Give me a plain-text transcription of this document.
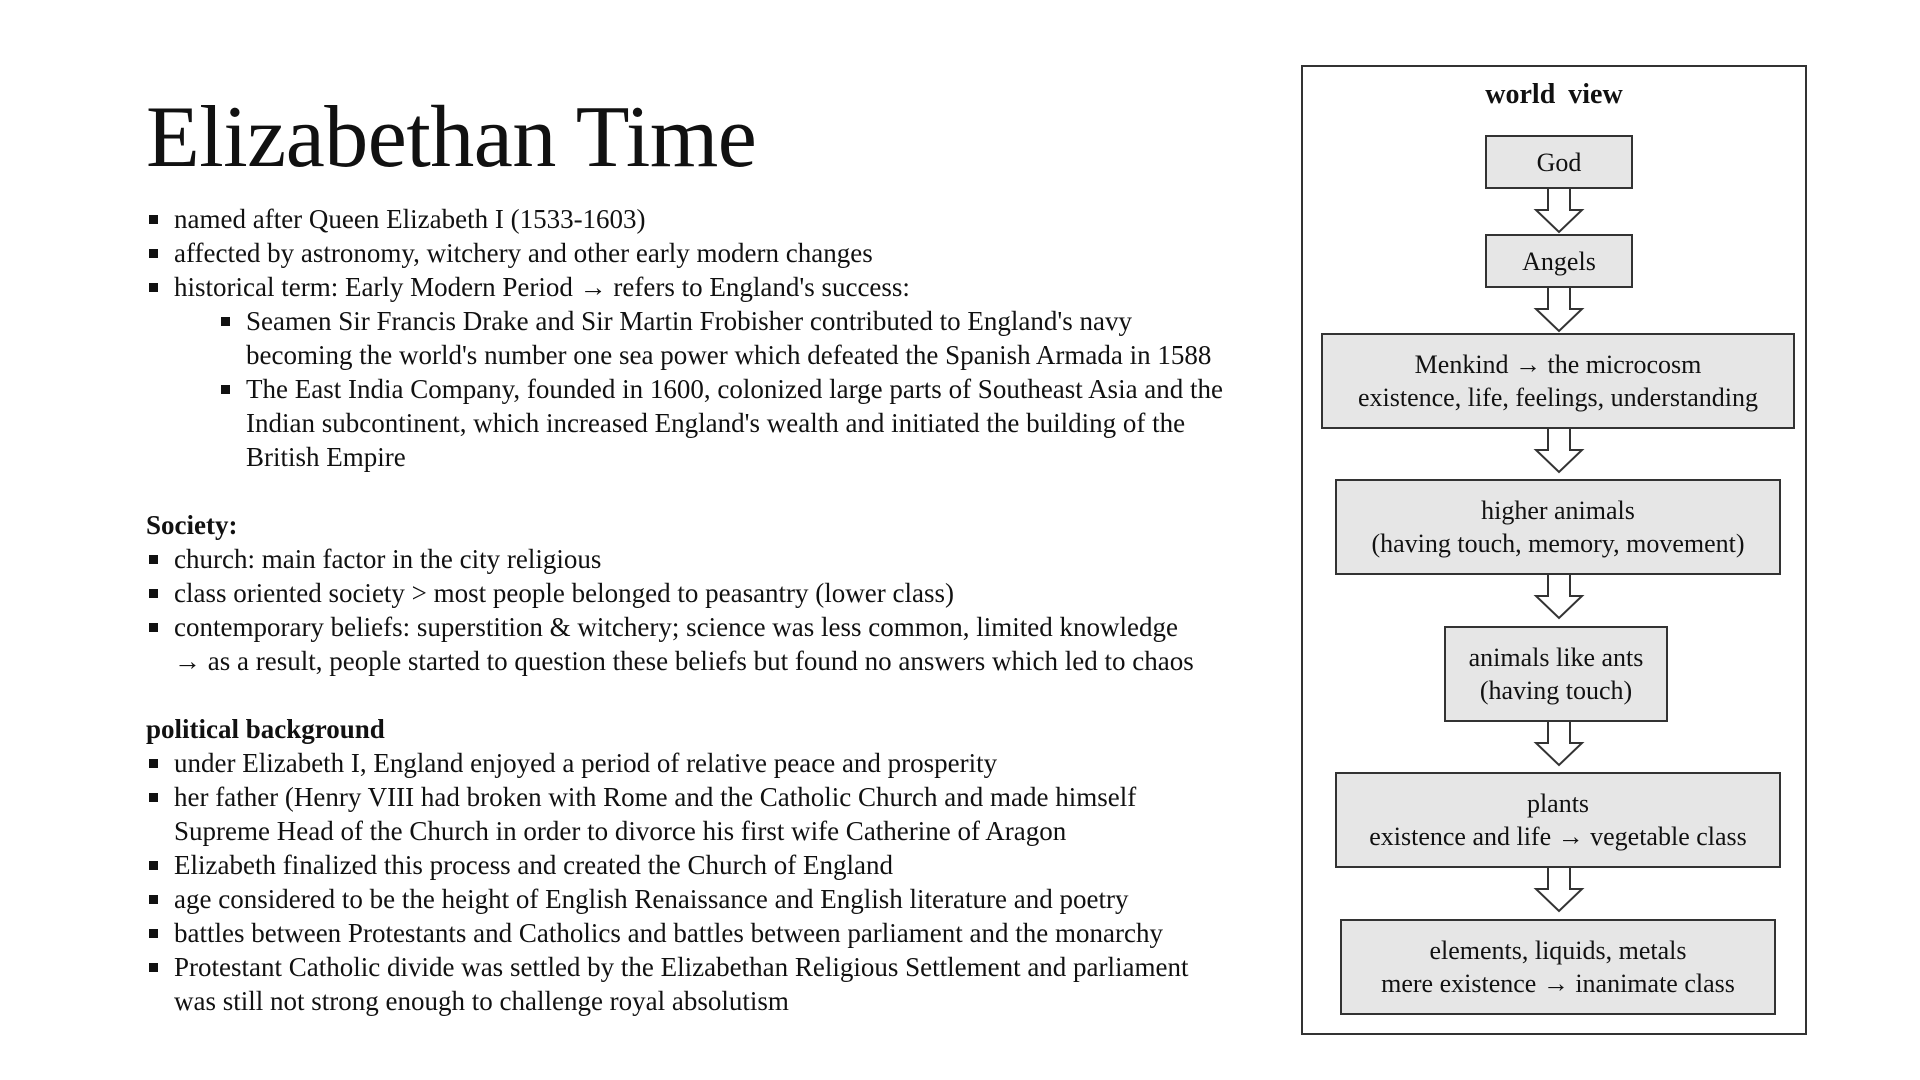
Elizabethan Time
named after Queen Elizabeth I (1533-1603)
affected by astronomy, witchery and other early modern changes
historical term: Early Modern Period → refers to England's success:
Seamen Sir Francis Drake and Sir Martin Frobisher contributed to England's navy
becoming the world's number one sea power which defeated the Spanish Armada in 1588
The East India Company, founded in 1600, colonized large parts of Southeast Asia and the
Indian subcontinent, which increased England's wealth and initiated the building of the
British Empire
Society:
church: main factor in the city religious
class oriented society > most people belonged to peasantry (lower class)
contemporary beliefs: superstition & witchery; science was less common, limited knowledge
→ as a result, people started to question these beliefs but found no answers which led to chaos
political background
under Elizabeth I, England enjoyed a period of relative peace and prosperity
her father (Henry VIII had broken with Rome and the Catholic Church and made himself
Supreme Head of the Church in order to divorce his first wife Catherine of Aragon
Elizabeth finalized this process and created the Church of England
age considered to be the height of English Renaissance and English literature and poetry
battles between Protestants and Catholics and battles between parliament and the monarchy
Protestant Catholic divide was settled by the Elizabethan Religious Settlement and parliament
was still not strong enough to challenge royal absolutism
world view
God
Angels
Menkind → the microcosm
existence, life, feelings, understanding
higher animals
(having touch, memory, movement)
animals like ants
(having touch)
plants
existence and life → vegetable class
elements, liquids, metals
mere existence → inanimate class
